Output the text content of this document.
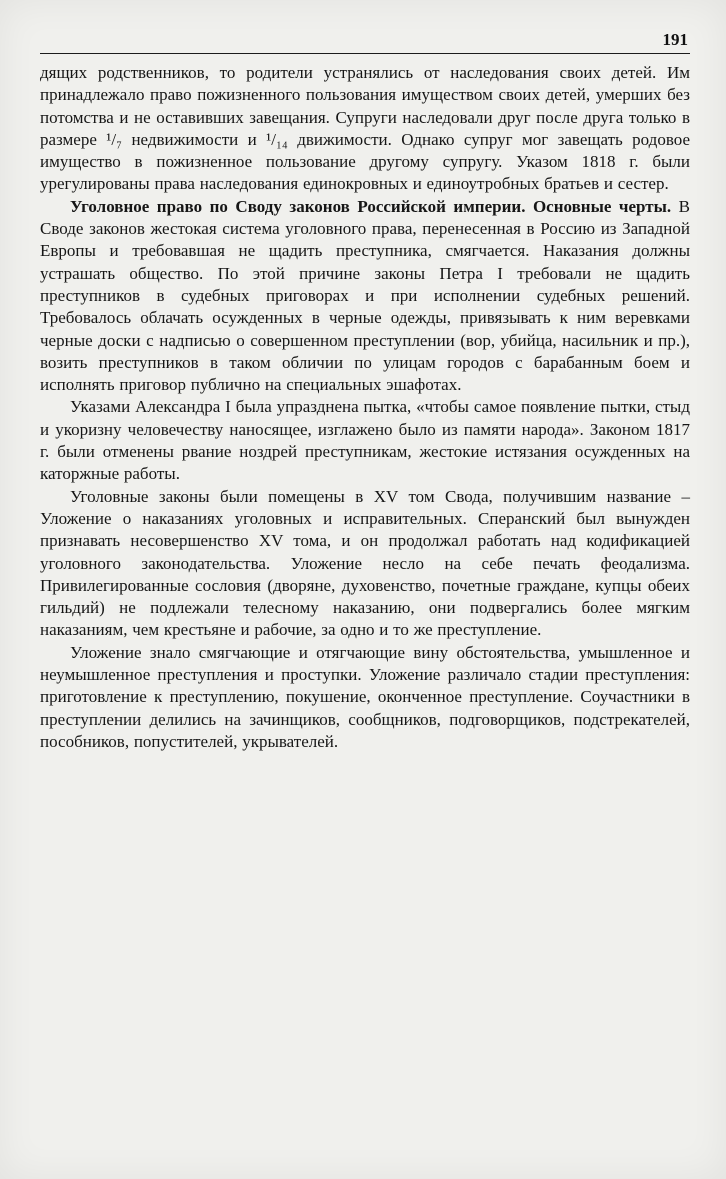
191

дящих родственников, то родители устранялись от наследования своих детей. Им принадлежало право пожизненного пользования имуществом своих детей, умерших без потомства и не оставивших завещания. Супруги наследовали друг после друга только в размере ¹/₇ недвижимости и ¹/₁₄ движимости. Однако супруг мог завещать родовое имущество в пожизненное пользование другому супругу. Указом 1818 г. были урегулированы права наследования единокровных и единоутробных братьев и сестер.

Уголовное право по Своду законов Российской империи. Основные черты. В Своде законов жестокая система уголовного права, перенесенная в Россию из Западной Европы и требовавшая не щадить преступника, смягчается. Наказания должны устрашать общество. По этой причине законы Петра I требовали не щадить преступников в судебных приговорах и при исполнении судебных решений. Требовалось облачать осужденных в черные одежды, привязывать к ним веревками черные доски с надписью о совершенном преступлении (вор, убийца, насильник и пр.), возить преступников в таком обличии по улицам городов с барабанным боем и исполнять приговор публично на специальных эшафотах.

Указами Александра I была упразднена пытка, «чтобы самое появление пытки, стыд и укоризну человечеству наносящее, изглажено было из памяти народа». Законом 1817 г. были отменены рвание ноздрей преступникам, жестокие истязания осужденных на каторжные работы.

Уголовные законы были помещены в XV том Свода, получившим название – Уложение о наказаниях уголовных и исправительных. Сперанский был вынужден признавать несовершенство XV тома, и он продолжал работать над кодификацией уголовного законодательства. Уложение несло на себе печать феодализма. Привилегированные сословия (дворяне, духовенство, почетные граждане, купцы обеих гильдий) не подлежали телесному наказанию, они подвергались более мягким наказаниям, чем крестьяне и рабочие, за одно и то же преступление.

Уложение знало смягчающие и отягчающие вину обстоятельства, умышленное и неумышленное преступления и проступки. Уложение различало стадии преступления: приготовление к преступлению, покушение, оконченное преступление. Соучастники в преступлении делились на зачинщиков, сообщников, подговорщиков, подстрекателей, пособников, попустителей, укрывателей.
